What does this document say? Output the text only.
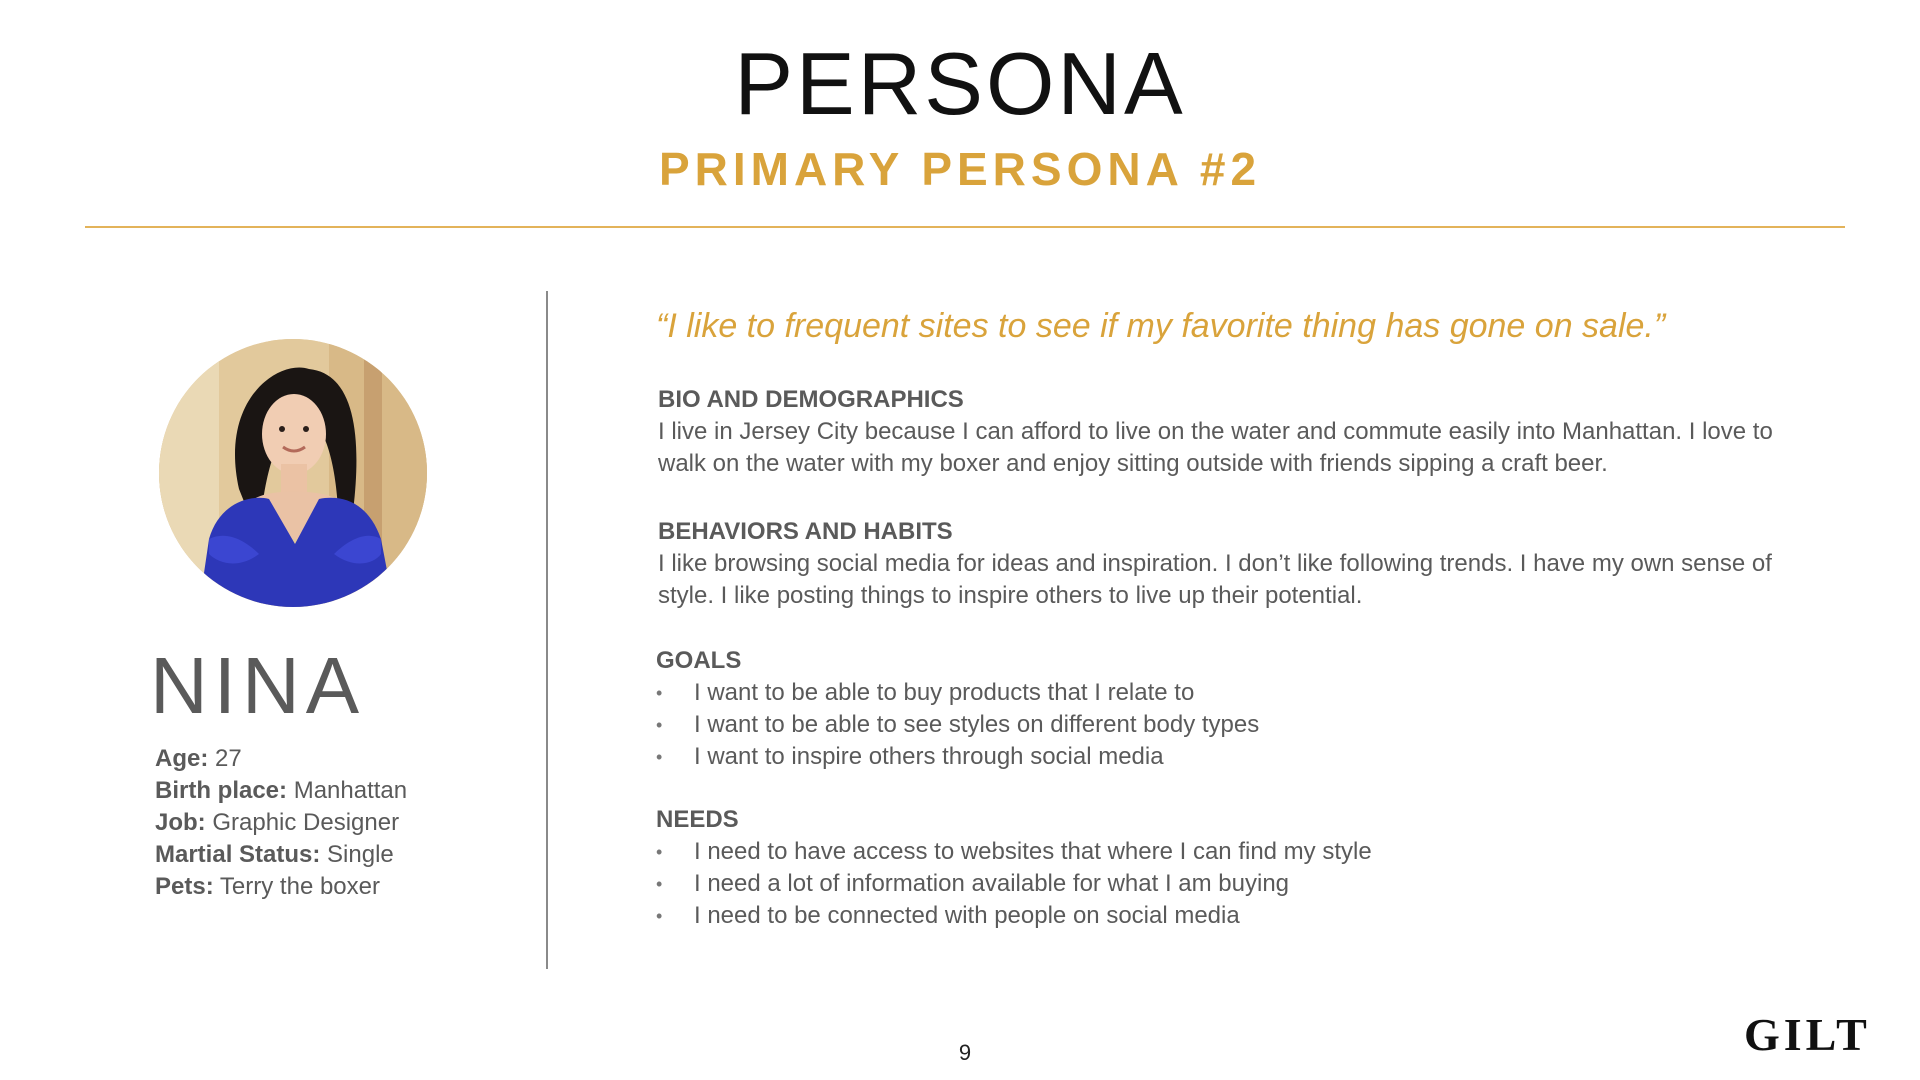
PERSONA
PRIMARY PERSONA #2
NINA
Age: 27
Birth place: Manhattan
Job: Graphic Designer
Martial Status: Single
Pets: Terry the boxer
“I like to frequent sites to see if my favorite thing has gone on sale.”
BIO AND DEMOGRAPHICS

I live in Jersey City because I can afford to live on the water and commute easily into Manhattan. I love to walk on the water with my boxer and enjoy sitting outside with friends sipping a craft beer.

BEHAVIORS AND HABITS

I like browsing social media for ideas and inspiration. I don’t like following trends. I have my own sense of style. I like posting things to inspire others to live up their potential.

GOALS
• I want to be able to buy products that I relate to
• I want to be able to see styles on different body types
• I want to inspire others through social media
NEEDS
• I need to have access to websites that where I can find my style
• I need a lot of information available for what I am buying
• I need to be connected with people on social media
9	GILT
